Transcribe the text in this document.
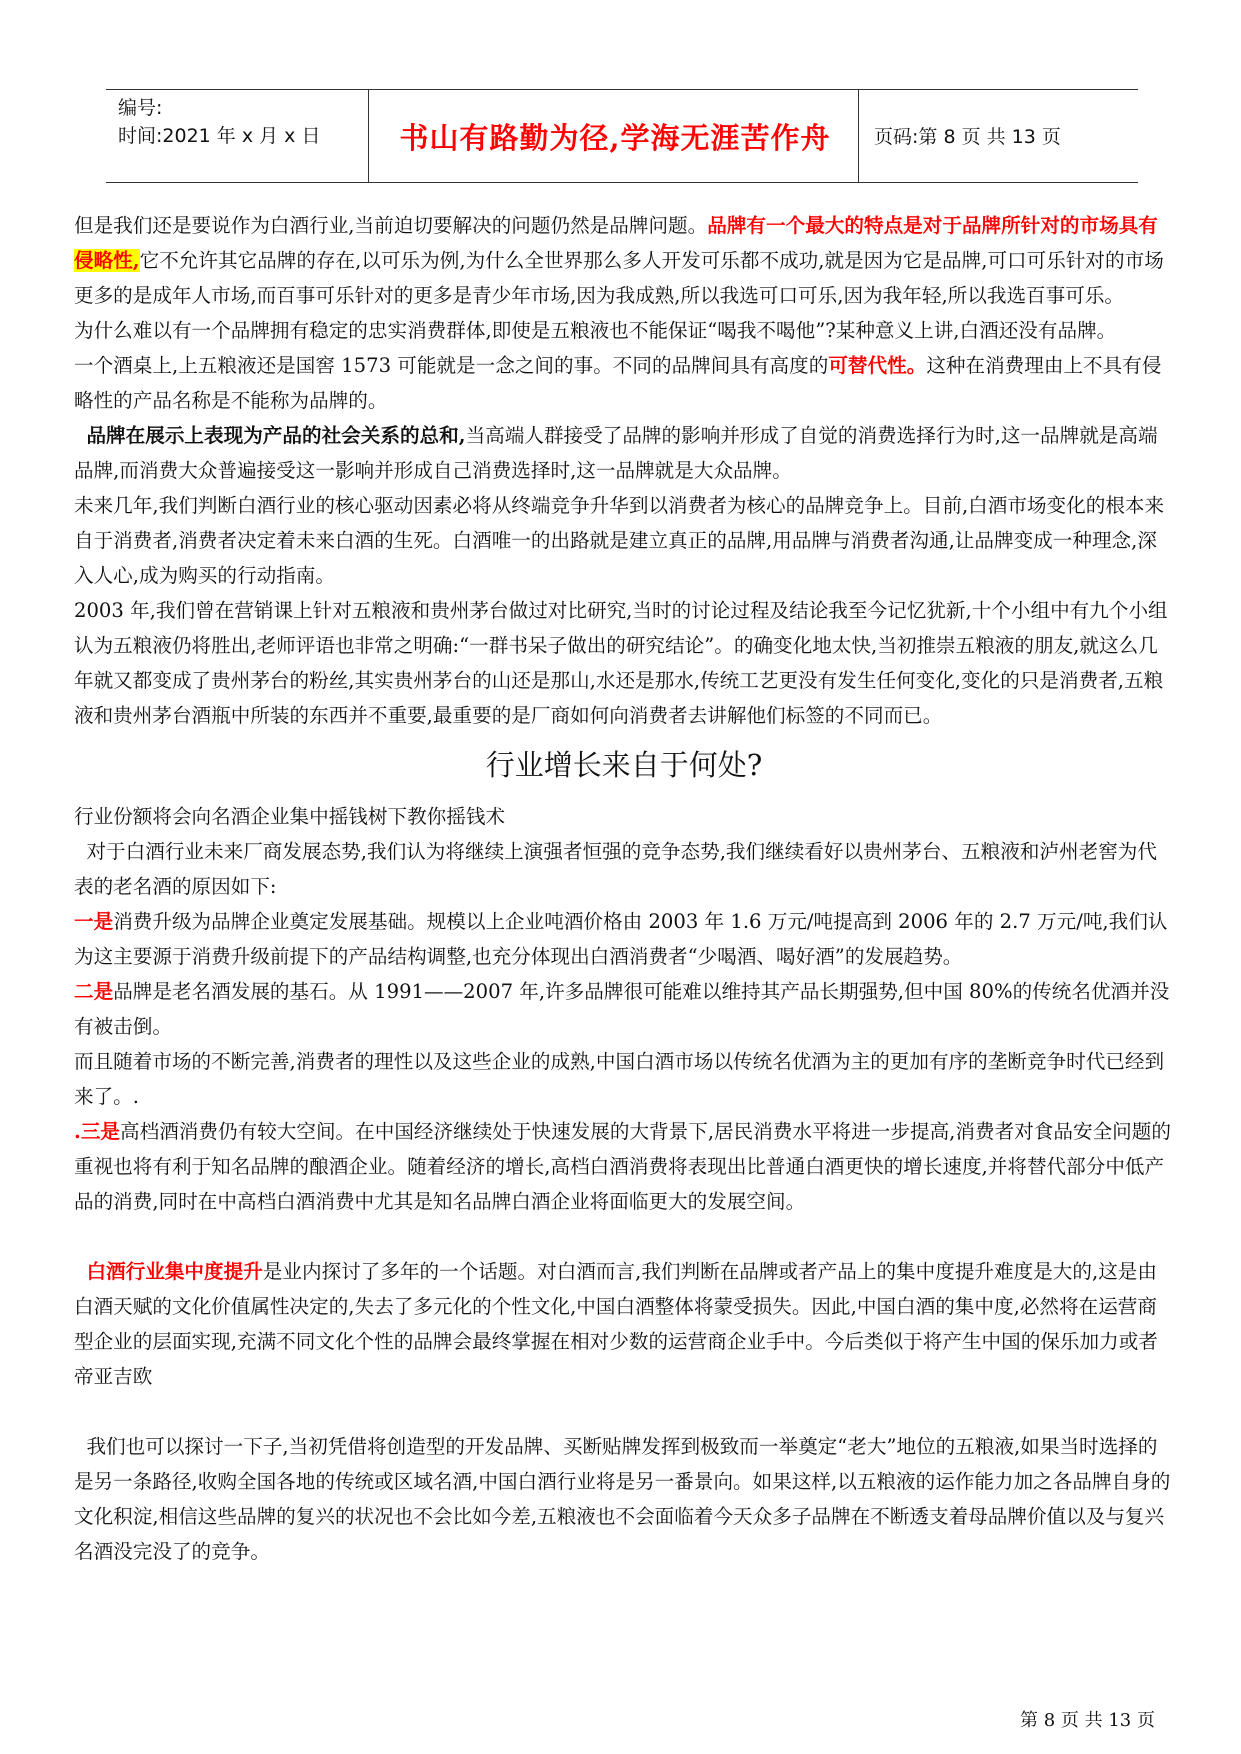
编号:
时间:2021 年 x 月 x 日	书山有路勤为径,学海无涯苦作舟	页码:第 8 页 共 13 页

但是我们还是要说作为白酒行业,当前迫切要解决的问题仍然是品牌问题。品牌有一个最大的特点是对于品牌所针对的市场具有侵略性,它不允许其它品牌的存在,以可乐为例,为什么全世界那么多人开发可乐都不成功,就是因为它是品牌,可口可乐针对的市场更多的是成年人市场,而百事可乐针对的更多是青少年市场,因为我成熟,所以我选可口可乐,因为我年轻,所以我选百事可乐。

为什么难以有一个品牌拥有稳定的忠实消费群体,即使是五粮液也不能保证“喝我不喝他”?某种意义上讲,白酒还没有品牌。

一个酒桌上,上五粮液还是国窖 1573 可能就是一念之间的事。不同的品牌间具有高度的可替代性。这种在消费理由上不具有侵略性的产品名称是不能称为品牌的。

品牌在展示上表现为产品的社会关系的总和,当高端人群接受了品牌的影响并形成了自觉的消费选择行为时,这一品牌就是高端品牌,而消费大众普遍接受这一影响并形成自己消费选择时,这一品牌就是大众品牌。

未来几年,我们判断白酒行业的核心驱动因素必将从终端竞争升华到以消费者为核心的品牌竞争上。目前,白酒市场变化的根本来自于消费者,消费者决定着未来白酒的生死。白酒唯一的出路就是建立真正的品牌,用品牌与消费者沟通,让品牌变成一种理念,深入人心,成为购买的行动指南。

2003 年,我们曾在营销课上针对五粮液和贵州茅台做过对比研究,当时的讨论过程及结论我至今记忆犹新,十个小组中有九个小组认为五粮液仍将胜出,老师评语也非常之明确:“一群书呆子做出的研究结论”。的确变化地太快,当初推崇五粮液的朋友,就这么几年就又都变成了贵州茅台的粉丝,其实贵州茅台的山还是那山,水还是那水,传统工艺更没有发生任何变化,变化的只是消费者,五粮液和贵州茅台酒瓶中所装的东西并不重要,最重要的是厂商如何向消费者去讲解他们标签的不同而已。

行业增长来自于何处?

行业份额将会向名酒企业集中摇钱树下教你摇钱术

对于白酒行业未来厂商发展态势,我们认为将继续上演强者恒强的竞争态势,我们继续看好以贵州茅台、五粮液和泸州老窖为代表的老名酒的原因如下:

一是消费升级为品牌企业奠定发展基础。规模以上企业吨酒价格由 2003 年 1.6 万元/吨提高到 2006 年的 2.7 万元/吨,我们认为这主要源于消费升级前提下的产品结构调整,也充分体现出白酒消费者“少喝酒、喝好酒”的发展趋势。

二是品牌是老名酒发展的基石。从 1991——2007 年,许多品牌很可能难以维持其产品长期强势,但中国 80%的传统名优酒并没有被击倒。

而且随着市场的不断完善,消费者的理性以及这些企业的成熟,中国白酒市场以传统名优酒为主的更加有序的垄断竞争时代已经到来了。.

.三是高档酒消费仍有较大空间。在中国经济继续处于快速发展的大背景下,居民消费水平将进一步提高,消费者对食品安全问题的重视也将有利于知名品牌的酿酒企业。随着经济的增长,高档白酒消费将表现出比普通白酒更快的增长速度,并将替代部分中低产品的消费,同时在中高档白酒消费中尤其是知名品牌白酒企业将面临更大的发展空间。

白酒行业集中度提升是业内探讨了多年的一个话题。对白酒而言,我们判断在品牌或者产品上的集中度提升难度是大的,这是由白酒天赋的文化价值属性决定的,失去了多元化的个性文化,中国白酒整体将蒙受损失。因此,中国白酒的集中度,必然将在运营商型企业的层面实现,充满不同文化个性的品牌会最终掌握在相对少数的运营商企业手中。今后类似于将产生中国的保乐加力或者帝亚吉欧

我们也可以探讨一下子,当初凭借将创造型的开发品牌、买断贴牌发挥到极致而一举奠定“老大”地位的五粮液,如果当时选择的是另一条路径,收购全国各地的传统或区域名酒,中国白酒行业将是另一番景向。如果这样,以五粮液的运作能力加之各品牌自身的文化积淀,相信这些品牌的复兴的状况也不会比如今差,五粮液也不会面临着今天众多子品牌在不断透支着母品牌价值以及与复兴名酒没完没了的竞争。

第 8 页 共 13 页
